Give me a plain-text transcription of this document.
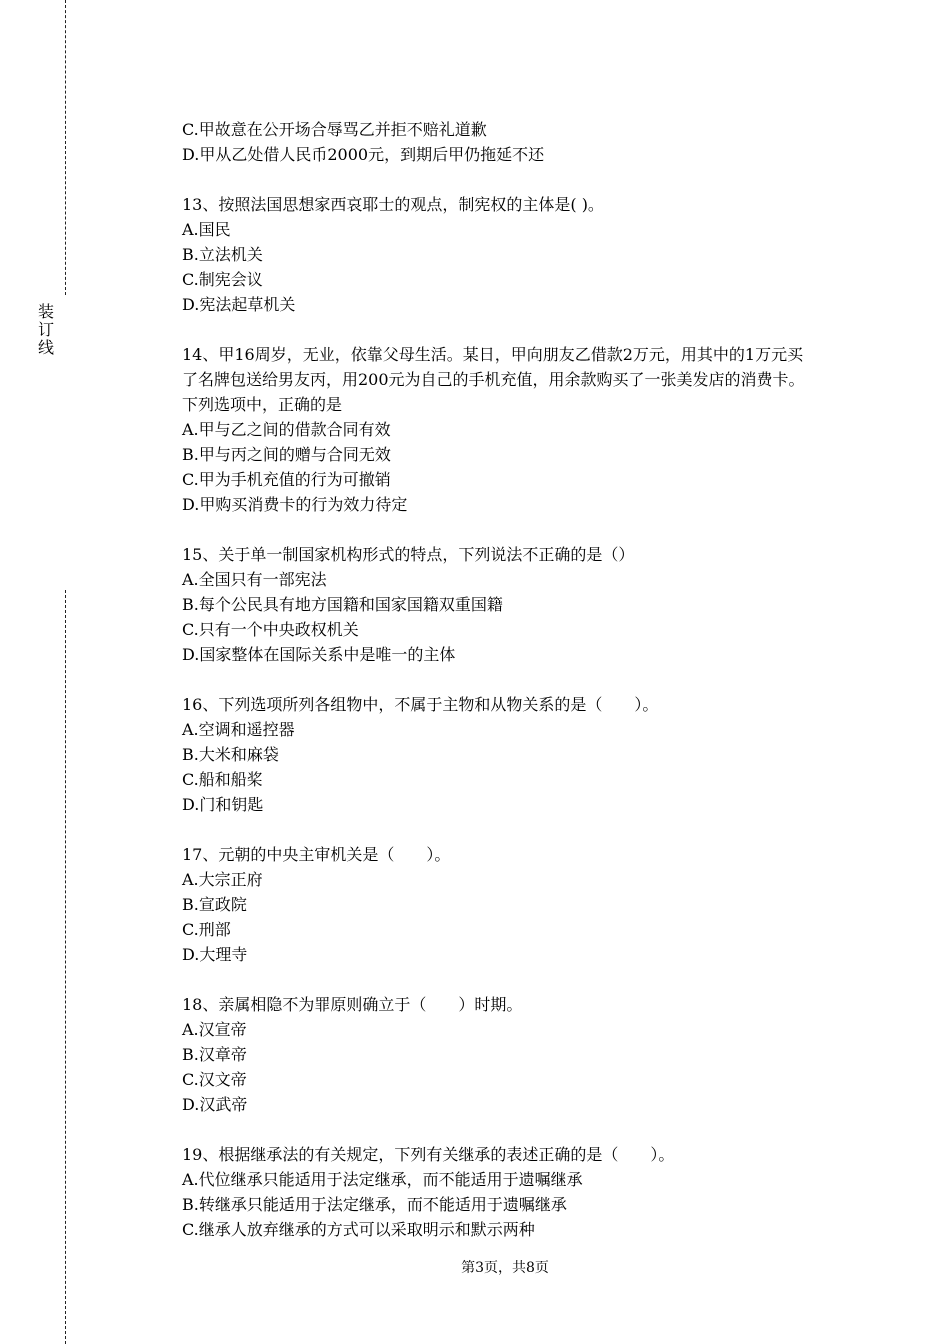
装
订
线
C.甲故意在公开场合辱骂乙并拒不赔礼道歉
D.甲从乙处借人民币2000元，到期后甲仍拖延不还
13、按照法国思想家西哀耶士的观点，制宪权的主体是( )。
A.国民
B.立法机关
C.制宪会议
D.宪法起草机关
14、甲16周岁，无业，依靠父母生活。某日，甲向朋友乙借款2万元，用其中的1万元买
了名牌包送给男友丙，用200元为自己的手机充值，用余款购买了一张美发店的消费卡。
下列选项中，正确的是
A.甲与乙之间的借款合同有效
B.甲与丙之间的赠与合同无效
C.甲为手机充值的行为可撤销
D.甲购买消费卡的行为效力待定
15、关于单一制国家机构形式的特点，下列说法不正确的是（）
A.全国只有一部宪法
B.每个公民具有地方国籍和国家国籍双重国籍
C.只有一个中央政权机关
D.国家整体在国际关系中是唯一的主体
16、下列选项所列各组物中，不属于主物和从物关系的是（　　）。
A.空调和遥控器
B.大米和麻袋
C.船和船桨
D.门和钥匙
17、元朝的中央主审机关是（　　）。
A.大宗正府
B.宣政院
C.刑部
D.大理寺
18、亲属相隐不为罪原则确立于（　　）时期。
A.汉宣帝
B.汉章帝
C.汉文帝
D.汉武帝
19、根据继承法的有关规定，下列有关继承的表述正确的是（　　）。
A.代位继承只能适用于法定继承，而不能适用于遗嘱继承
B.转继承只能适用于法定继承，而不能适用于遗嘱继承
C.继承人放弃继承的方式可以采取明示和默示两种
第3页，共8页
